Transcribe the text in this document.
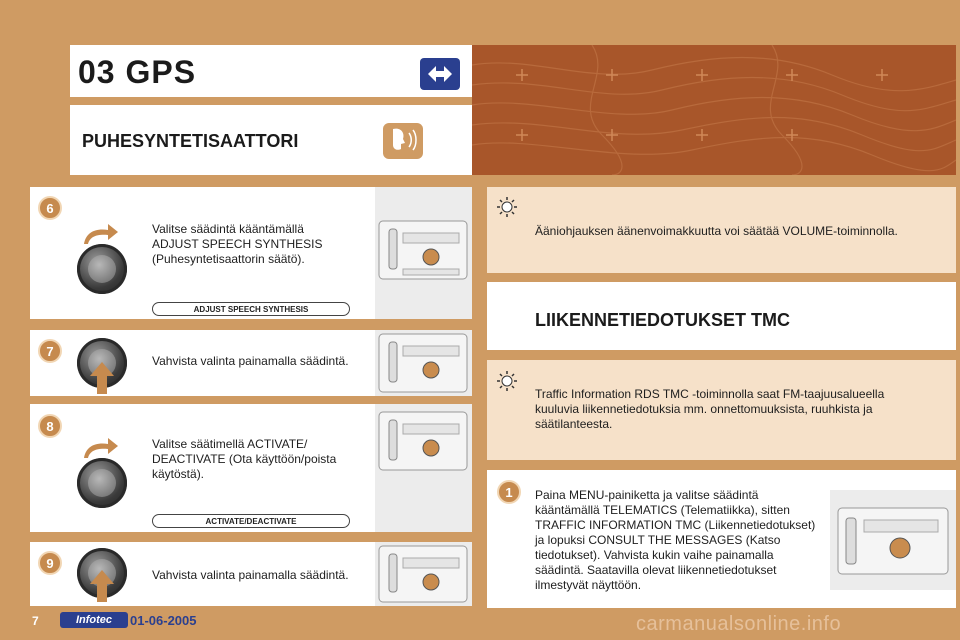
03 GPS
PUHESYNTETISAATTORI
6
Valitse säädintä kääntämällä
ADJUST SPEECH SYNTHESIS
(Puhesyntetisaattorin säätö).
ADJUST SPEECH SYNTHESIS
7
Vahvista valinta painamalla säädintä.
8
Valitse säätimellä ACTIVATE/
DEACTIVATE (Ota käyttöön/poista
käytöstä).
ACTIVATE/DEACTIVATE
9
Vahvista valinta painamalla säädintä.
Ääniohjauksen äänenvoimakkuutta voi säätää VOLUME-toiminnolla.
LIIKENNETIEDOTUKSET TMC
Traffic Information RDS TMC -toiminnolla saat FM-taajuusalueella
kuuluvia liikennetiedotuksia mm. onnettomuuksista, ruuhkista ja
säätilanteesta.
1	Paina MENU-painiketta ja valitse säädintä
kääntämällä TELEMATICS (Telematiikka), sitten
TRAFFIC INFORMATION TMC (Liikennetiedotukset)
ja lopuksi CONSULT THE MESSAGES (Katso
tiedotukset). Vahvista kukin vaihe painamalla
säädintä. Saatavilla olevat liikennetiedotukset
ilmestyvät näyttöön.
7	Infotec	01-06-2005	carmanualsonline.info
